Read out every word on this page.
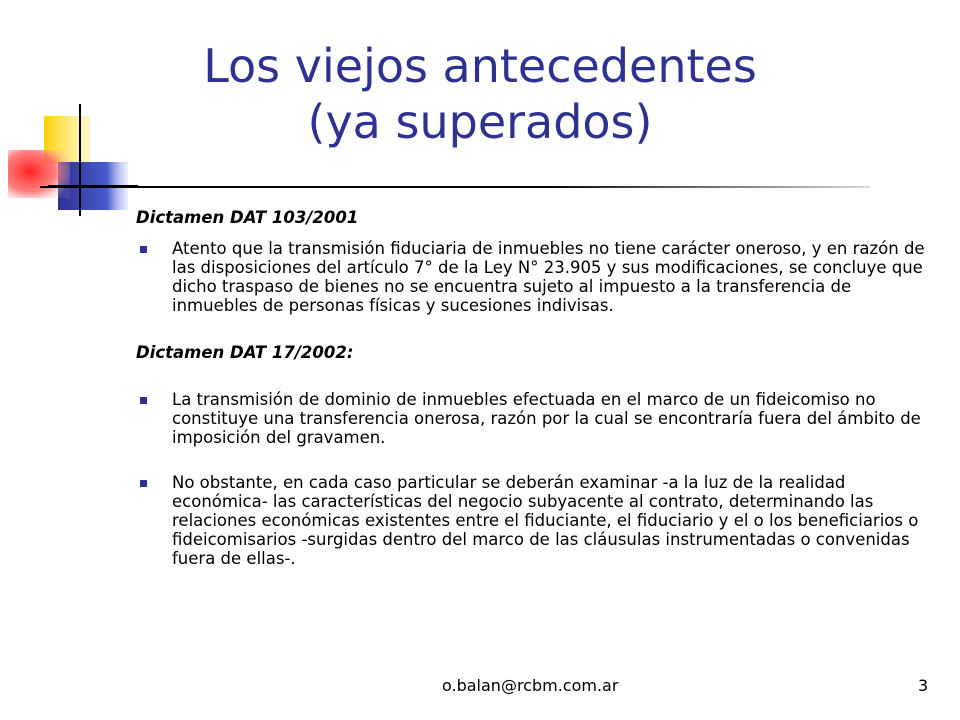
Los viejos antecedentes
(ya superados)
Dictamen DAT 103/2001
Atento que la transmisión fiduciaria de inmuebles no tiene carácter oneroso, y en razón de las disposiciones del artículo 7° de la Ley N° 23.905 y sus modificaciones, se concluye que dicho traspaso de bienes no se encuentra sujeto al impuesto a la transferencia de inmuebles de personas físicas y sucesiones indivisas.
Dictamen DAT 17/2002:
La transmisión de dominio de inmuebles efectuada en el marco de un fideicomiso no constituye una transferencia onerosa, razón por la cual se encontraría fuera del ámbito de imposición del gravamen.
No obstante, en cada caso particular se deberán examinar -a la luz de la realidad económica- las características del negocio subyacente al contrato, determinando las relaciones económicas existentes entre el fiduciante, el fiduciario y el o los beneficiarios o fideicomisarios -surgidas dentro del marco de las cláusulas instrumentadas o convenidas fuera de ellas-.
o.balan@rcbm.com.ar	3
